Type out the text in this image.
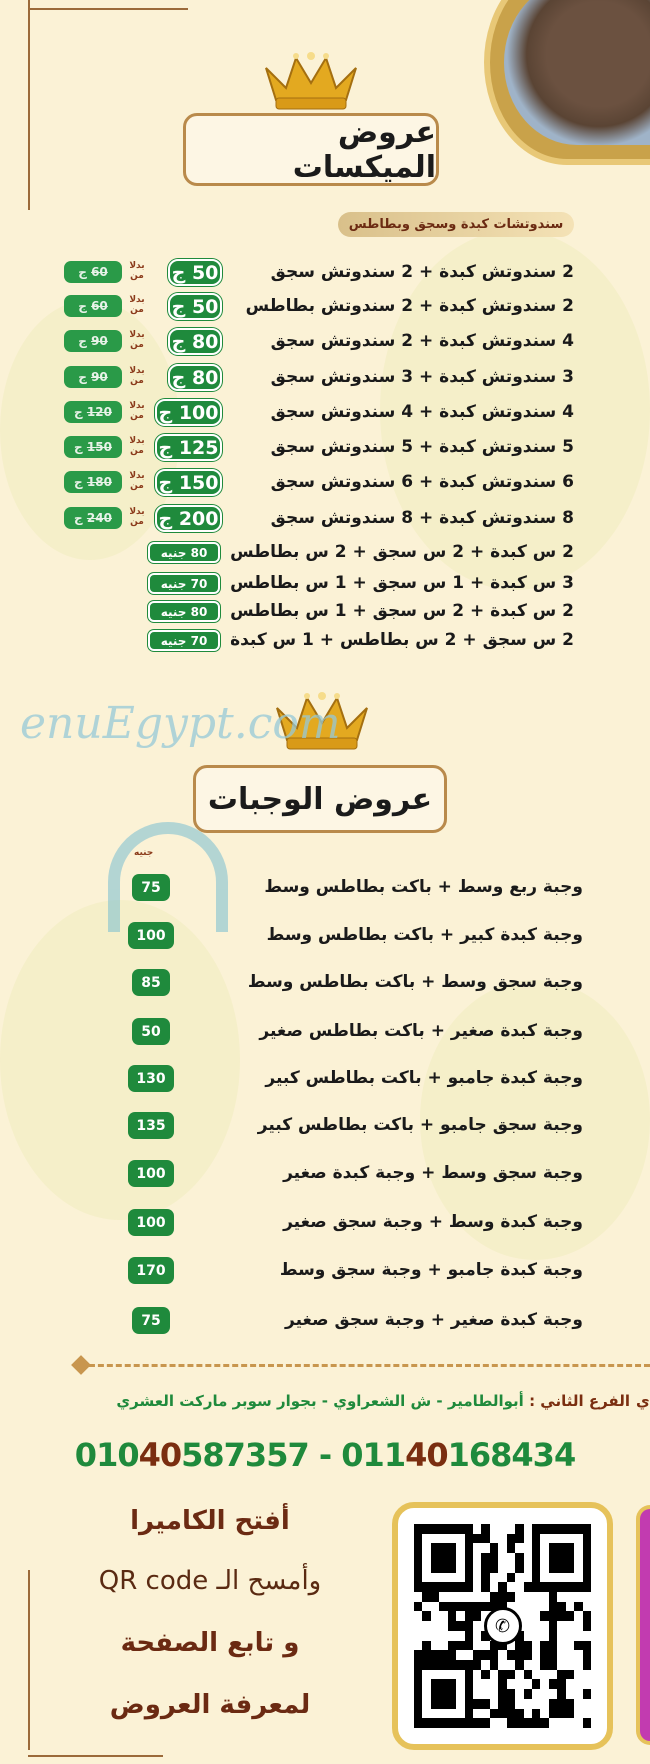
عروض الميكسات
سندوتشات كبدة وسجق وبطاطس
2 سندوتش كبدة + 2 سندوتش سجق
50

ج
بدلا من
60

ج
2 سندوتش كبدة + 2 سندوتش بطاطس
50

ج
بدلا من
60

ج
4 سندوتش كبدة + 2 سندوتش سجق
80

ج
بدلا من
90

ج
3 سندوتش كبدة + 3 سندوتش سجق
80

ج
بدلا من
90

ج
4 سندوتش كبدة + 4 سندوتش سجق
100

ج
بدلا من
120

ج
5 سندوتش كبدة + 5 سندوتش سجق
125

ج
بدلا من
150

ج
6 سندوتش كبدة + 6 سندوتش سجق
150

ج
بدلا من
180

ج
8 سندوتش كبدة + 8 سندوتش سجق
200

ج
بدلا من
240

ج
2 س كبدة + 2 س سجق + 2 س بطاطس
80

جنيه
3 س كبدة + 1 س سجق + 1 س بطاطس
70

جنيه
2 س كبدة + 2 س سجق + 1 س بطاطس
80

جنيه
2 س سجق + 2 س بطاطس + 1 س كبدة
70

جنيه
عروض الوجبات
جنيه
وجبة ربع وسط + باكت بطاطس وسط
75
وجبة كبدة كبير + باكت بطاطس وسط
100
وجبة سجق وسط + باكت بطاطس وسط
85
وجبة كبدة صغير + باكت بطاطس صغير
50
وجبة كبدة جامبو + باكت بطاطس كبير
130
وجبة سجق جامبو + باكت بطاطس كبير
135
وجبة سجق وسط + وجبة كبدة صغير
100
وجبة كبدة وسط + وجبة سجق صغير
100
وجبة كبدة جامبو + وجبة سجق وسط
170
وجبة كبدة صغير + وجبة سجق صغير
75
enuEgypt.com
الفرع الثاني : أبوالطامير - ش الشعراوي - بجوار سوبر ماركت العشري	ي
01040587357 - 01140168434
أفتح الكاميرا
وأمسح الـ QR code
و تابع الصفحة
لمعرفة العروض
✆
